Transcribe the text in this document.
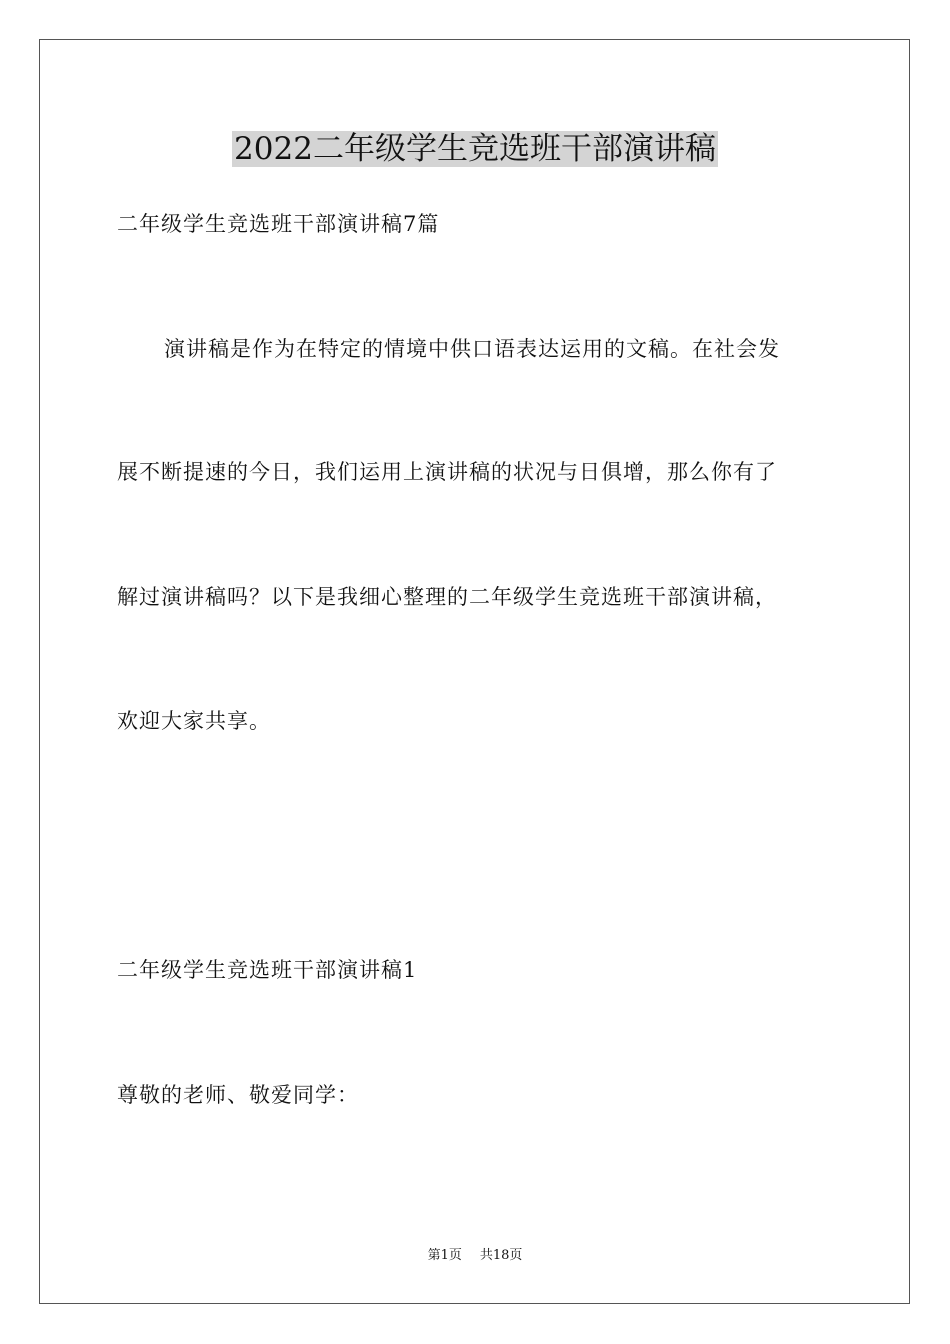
2022二年级学生竞选班干部演讲稿
二年级学生竞选班干部演讲稿7篇
演讲稿是作为在特定的情境中供口语表达运用的文稿。在社会发
展不断提速的今日，我们运用上演讲稿的状况与日俱增，那么你有了
解过演讲稿吗？以下是我细心整理的二年级学生竞选班干部演讲稿，
欢迎大家共享。
二年级学生竞选班干部演讲稿1
尊敬的老师、敬爱同学：
第1页 共18页
